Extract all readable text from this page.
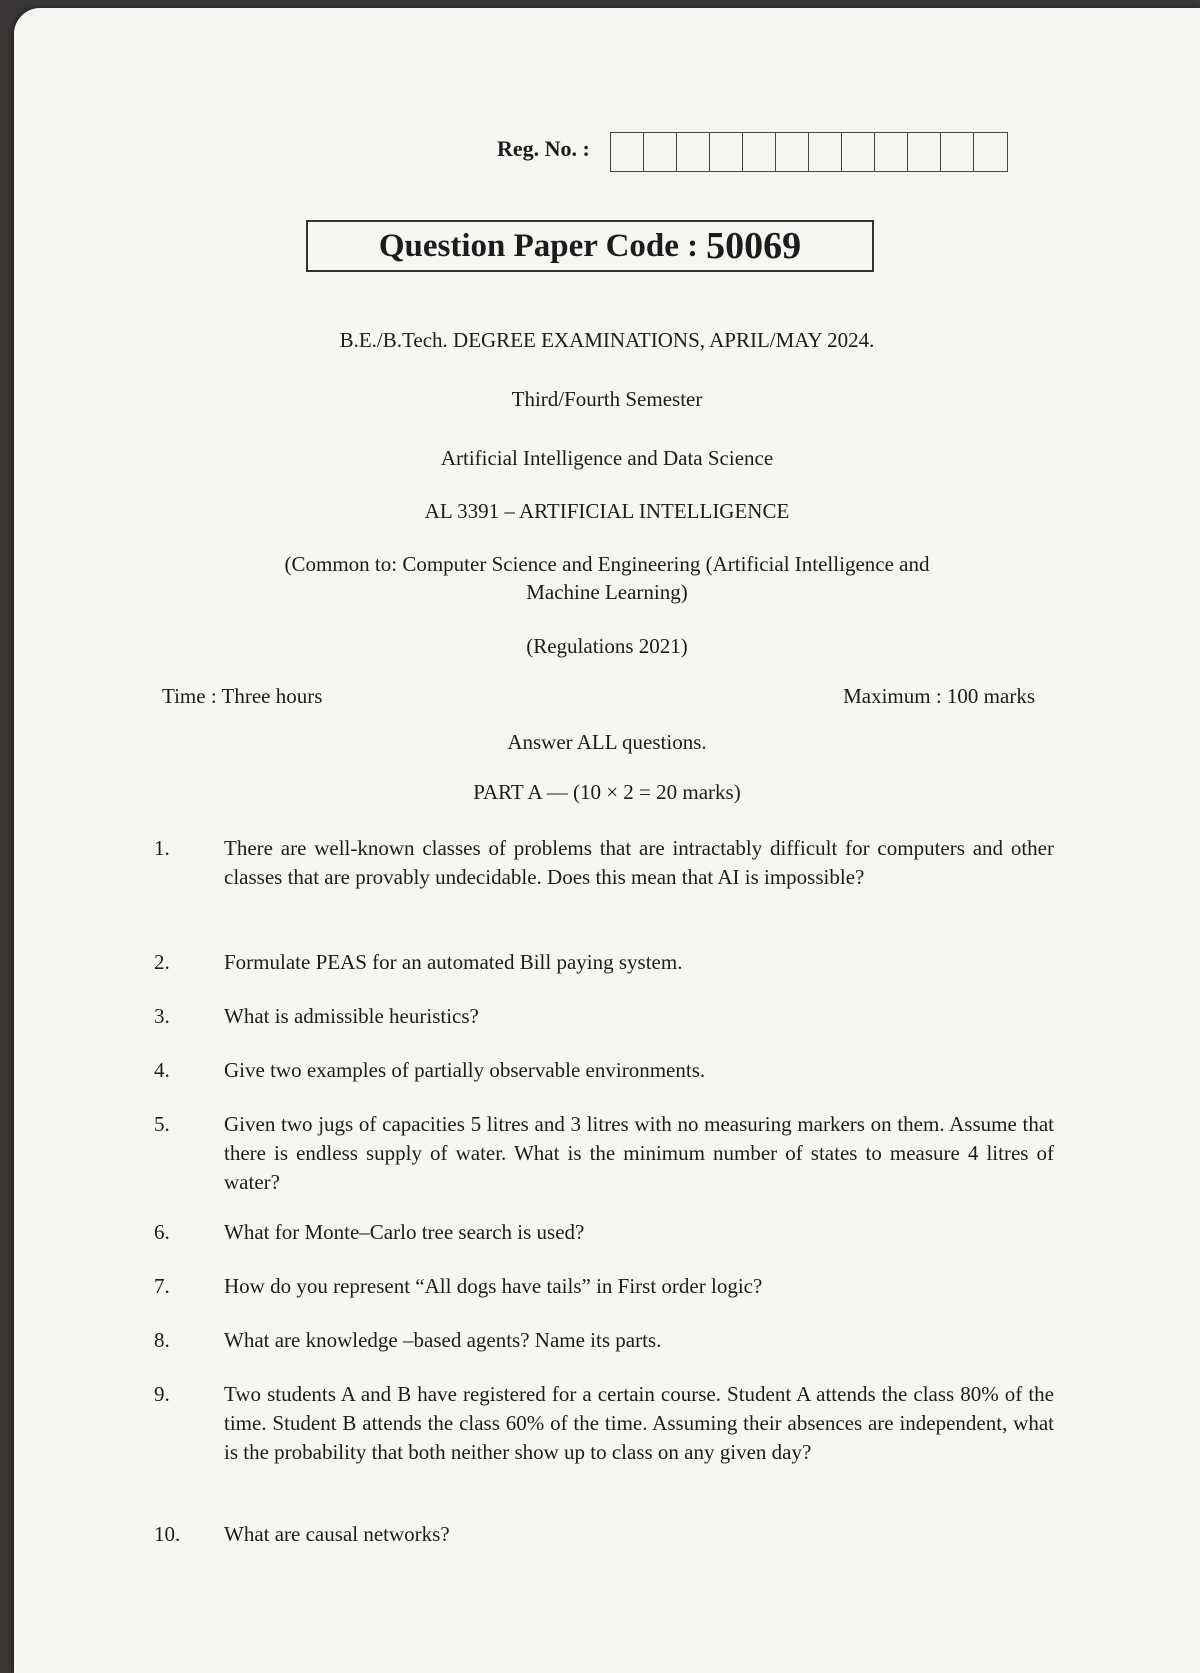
Reg. No. :
Question Paper Code : 50069
B.E./B.Tech. DEGREE EXAMINATIONS, APRIL/MAY 2024.
Third/Fourth Semester
Artificial Intelligence and Data Science
AL 3391 – ARTIFICIAL INTELLIGENCE
(Common to: Computer Science and Engineering (Artificial Intelligence and
Machine Learning)
(Regulations 2021)
Time : Three hours	Maximum : 100 marks
Answer ALL questions.
PART A — (10 × 2 = 20 marks)
1.	There are well-known classes of problems that are intractably difficult for computers and other classes that are provably undecidable. Does this mean that AI is impossible?
2.	Formulate PEAS for an automated Bill paying system.
3.	What is admissible heuristics?
4.	Give two examples of partially observable environments.
5.	Given two jugs of capacities 5 litres and 3 litres with no measuring markers on them. Assume that there is endless supply of water. What is the minimum number of states to measure 4 litres of water?
6.	What for Monte–Carlo tree search is used?
7.	How do you represent “All dogs have tails” in First order logic?
8.	What are knowledge –based agents? Name its parts.
9.	Two students A and B have registered for a certain course. Student A attends the class 80% of the time. Student B attends the class 60% of the time. Assuming their absences are independent, what is the probability that both neither show up to class on any given day?
10.	What are causal networks?
